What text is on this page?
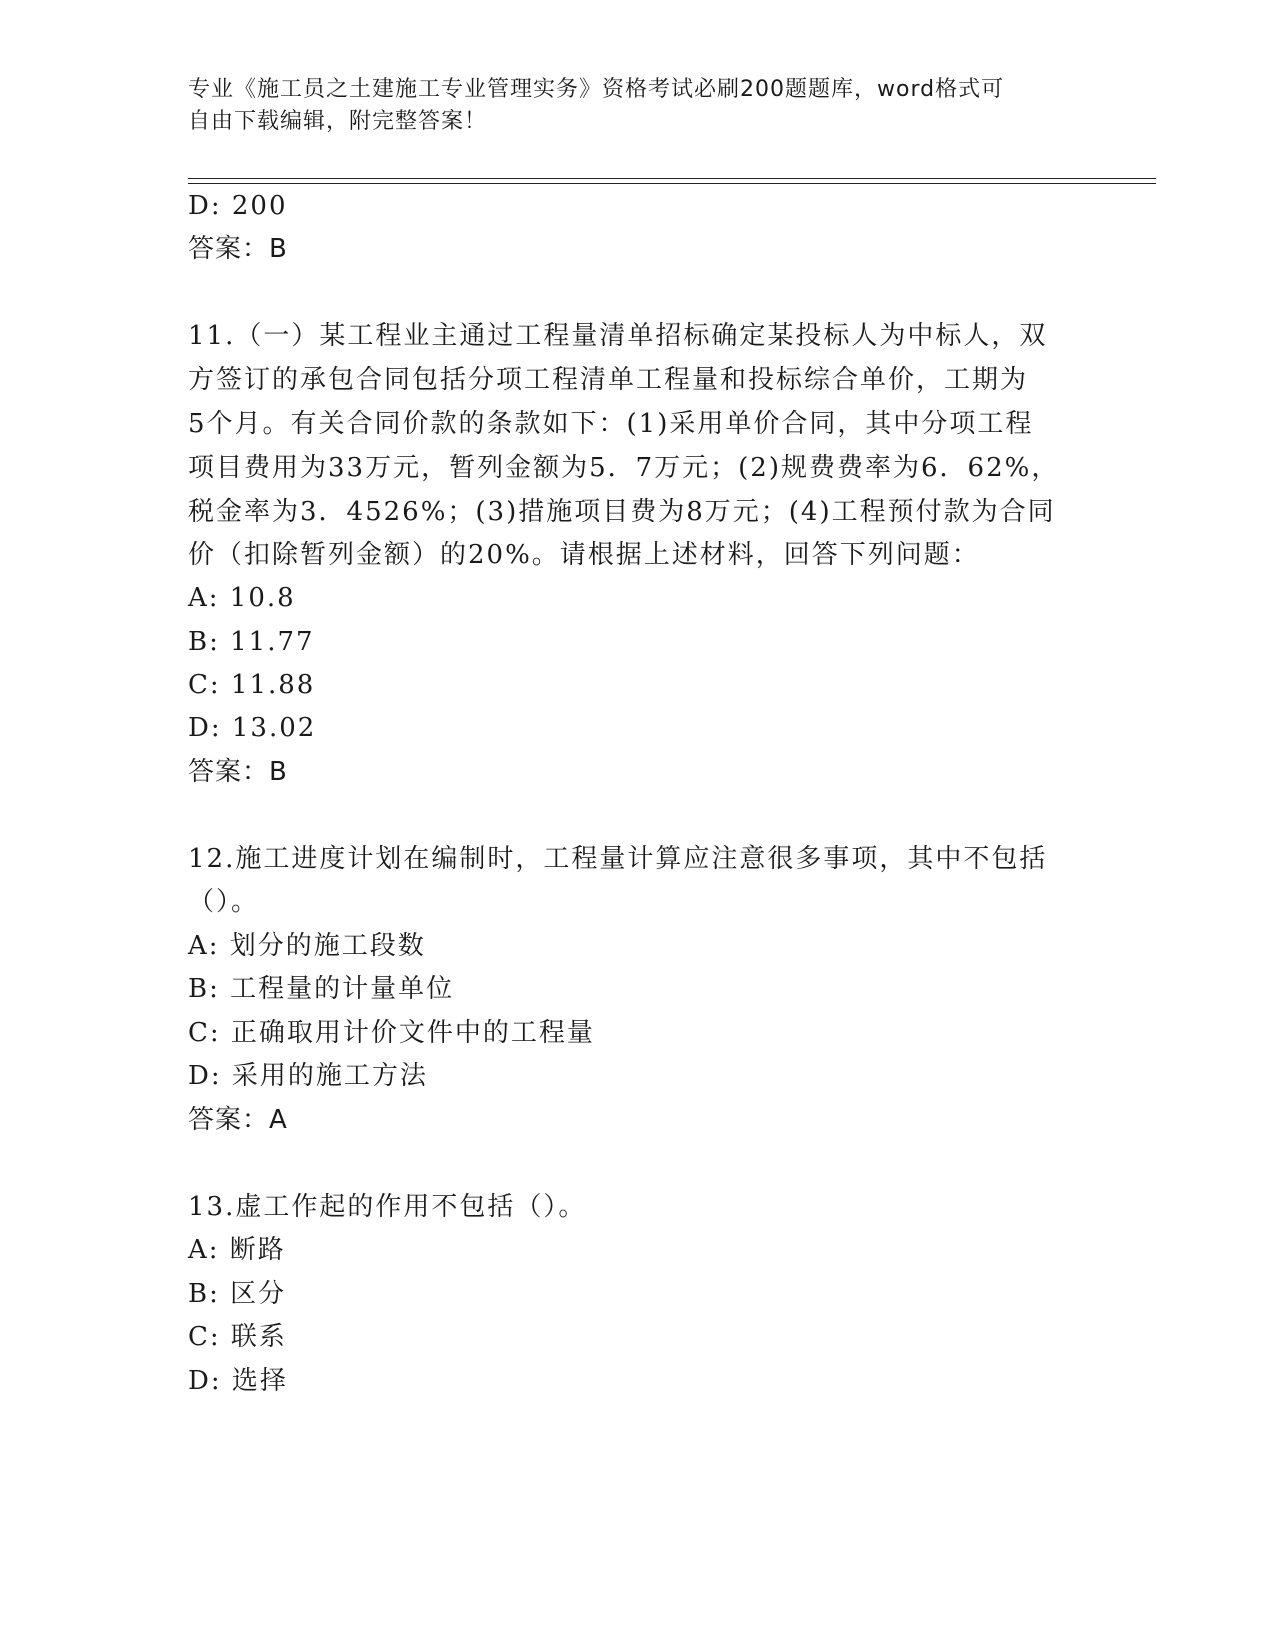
专业《施工员之土建施工专业管理实务》资格考试必刷200题题库，word格式可
自由下载编辑，附完整答案！
D: 200
答案：B
11.（一）某工程业主通过工程量清单招标确定某投标人为中标人，双
方签订的承包合同包括分项工程清单工程量和投标综合单价，工期为
5个月。有关合同价款的条款如下：(1)采用单价合同，其中分项工程
项目费用为33万元，暂列金额为5．7万元；(2)规费费率为6．62%，
税金率为3．4526%；(3)措施项目费为8万元；(4)工程预付款为合同
价（扣除暂列金额）的20%。请根据上述材料，回答下列问题：
A: 10.8
B: 11.77
C: 11.88
D: 13.02
答案：B
12.施工进度计划在编制时，工程量计算应注意很多事项，其中不包括
（）。
A: 划分的施工段数
B: 工程量的计量单位
C: 正确取用计价文件中的工程量
D: 采用的施工方法
答案：A
13.虚工作起的作用不包括（）。
A: 断路
B: 区分
C: 联系
D: 选择
